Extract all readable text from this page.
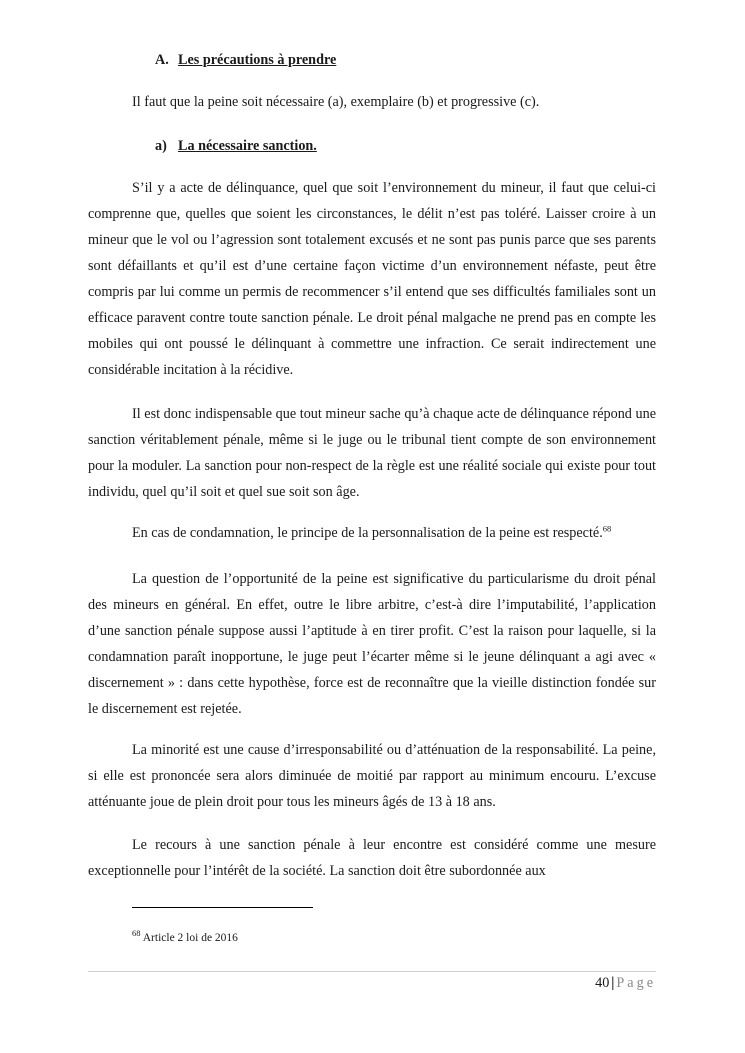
A. Les précautions à prendre
Il faut que la peine soit nécessaire (a), exemplaire (b) et progressive (c).
a) La nécessaire sanction.
S’il y a acte de délinquance, quel que soit l’environnement du mineur, il faut que celui-ci comprenne que, quelles que soient les circonstances, le délit n’est pas toléré. Laisser croire à un mineur que le vol ou l’agression sont totalement excusés et ne sont pas punis parce que ses parents sont défaillants et qu’il est d’une certaine façon victime d’un environnement néfaste, peut être compris par lui comme un permis de recommencer s’il entend que ses difficultés familiales sont un efficace paravent contre toute sanction pénale. Le droit pénal malgache ne prend pas en compte les mobiles qui ont poussé le délinquant à commettre une infraction. Ce serait indirectement une considérable incitation à la récidive.
Il est donc indispensable que tout mineur sache qu’à chaque acte de délinquance répond une sanction véritablement pénale, même si le juge ou le tribunal tient compte de son environnement pour la moduler. La sanction pour non-respect de la règle est une réalité sociale qui existe pour tout individu, quel qu’il soit et quel sue soit son âge.
En cas de condamnation, le principe de la personnalisation de la peine est respecté.$^{68}$
La question de l’opportunité de la peine est significative du particularisme du droit pénal des mineurs en général. En effet, outre le libre arbitre, c’est-à dire l’imputabilité, l’application d’une sanction pénale suppose aussi l’aptitude à en tirer profit. C’est la raison pour laquelle, si la condamnation paraît inopportune, le juge peut l’écarter même si le jeune délinquant a agi avec « discernement » : dans cette hypothèse, force est de reconnaître que la vieille distinction fondée sur le discernement est rejetée.
La minorité est une cause d’irresponsabilité ou d’atténuation de la responsabilité. La peine, si elle est prononcée sera alors diminuée de moitié par rapport au minimum encouru. L’excuse atténuante joue de plein droit pour tous les mineurs âgés de 13 à 18 ans.
Le recours à une sanction pénale à leur encontre est considéré comme une mesure exceptionnelle pour l’intérêt de la société. La sanction doit être subordonnée aux
$^{68}$ Article 2 loi de 2016
40 | Page
